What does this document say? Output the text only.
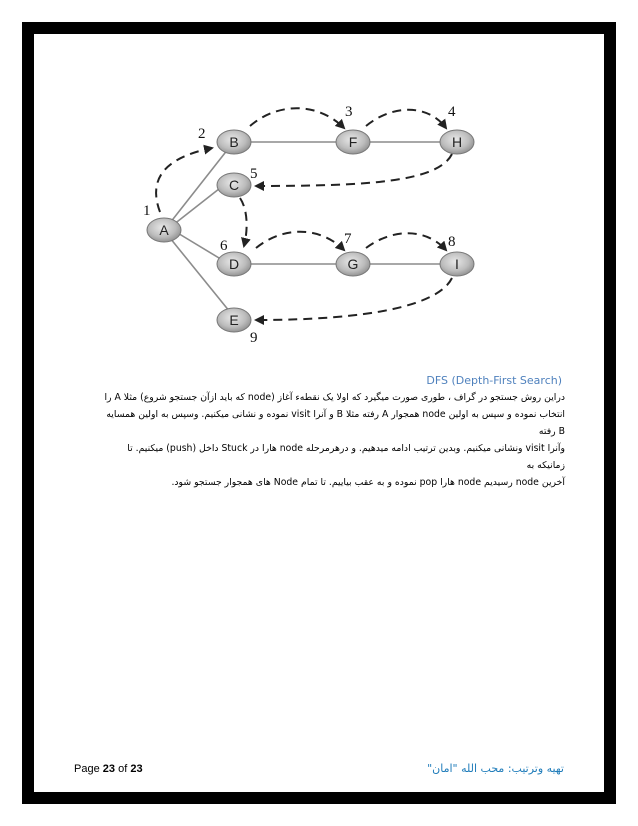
A
B
C
D
E
F
G
H
I
1
2
3	4
5
6	7	8
9
DFS (Depth-First Search)
دراین روش جستجو در گراف ، طوری صورت میگیرد که اولا یک نقطهء آغاز (node که باید ازآن جستجو شروع) مثلا A را
انتخاب نموده و سپس به اولین node همجوار A رفته مثلا B و آنرا visit نموده و نشانی میکنیم. وسپس به اولین همسایه B رفته
وآنرا visit ونشانی میکنیم. وبدین ترتیب ادامه میدهیم. و درهرمرحله node هارا در Stuck داخل (push) میکنیم. تا زمانیکه به
آخرین node رسیدیم node هارا pop نموده و به عقب بیاییم. تا تمام Node های همجوار جستجو شود.
Page 23 of 23	تهیه وترتیب: محب الله "امان"
